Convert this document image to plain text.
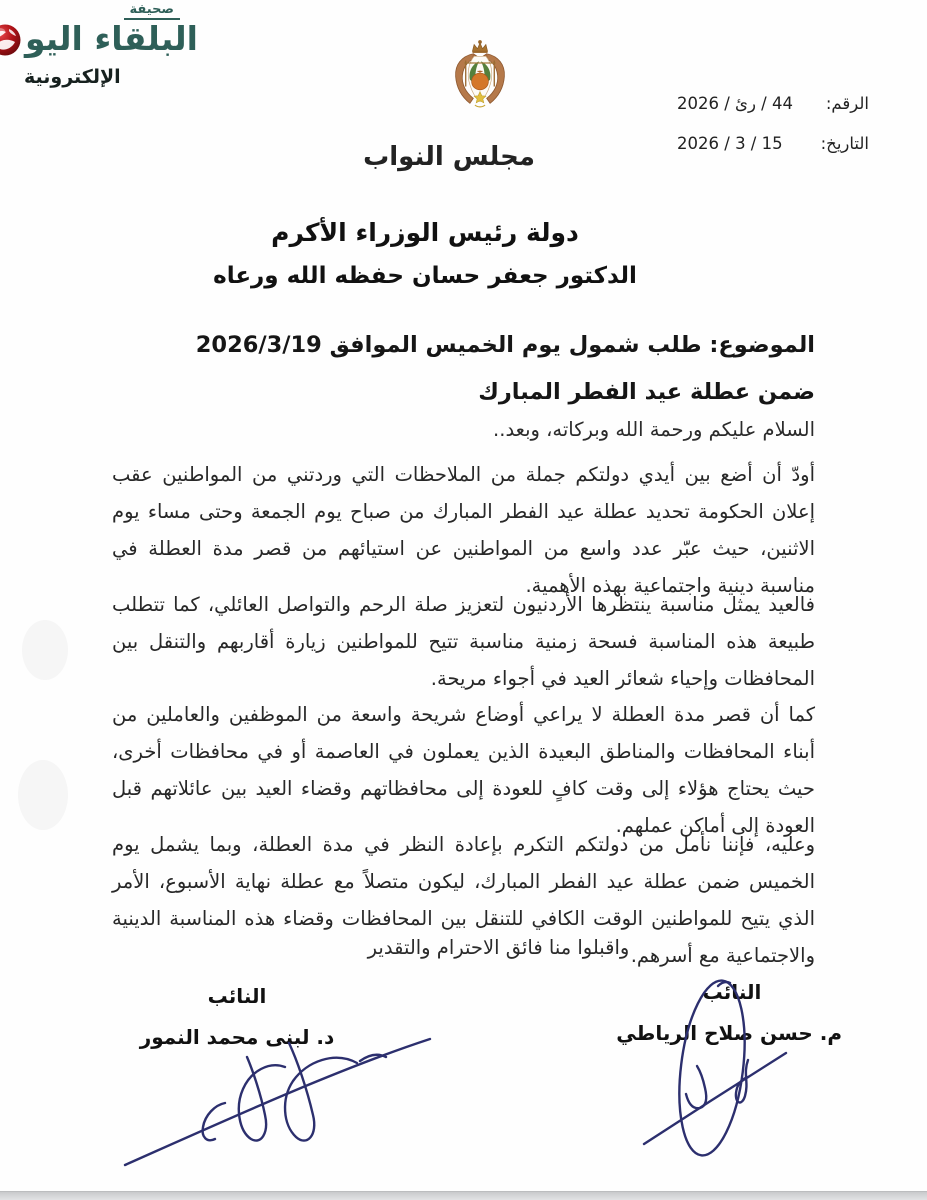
صحيفة
البلقاء اليو
الإلكترونية
مجلس النواب
الرقم:
44 / رئ / 2026
التاريخ:
15 / 3 / 2026
دولة رئيس الوزراء الأكرم
الدكتور جعفر حسان حفظه الله ورعاه
الموضوع: طلب شمول يوم الخميس الموافق 2026/3/19
ضمن عطلة عيد الفطر المبارك
السلام عليكم ورحمة الله وبركاته، وبعد..
أودّ أن أضع بين أيدي دولتكم جملة من الملاحظات التي وردتني من المواطنين عقب إعلان الحكومة تحديد عطلة عيد الفطر المبارك من صباح يوم الجمعة وحتى مساء يوم الاثنين، حيث عبّر عدد واسع من المواطنين عن استيائهم من قصر مدة العطلة في مناسبة دينية واجتماعية بهذه الأهمية.
فالعيد يمثل مناسبة ينتظرها الأردنيون لتعزيز صلة الرحم والتواصل العائلي، كما تتطلب طبيعة هذه المناسبة فسحة زمنية مناسبة تتيح للمواطنين زيارة أقاربهم والتنقل بين المحافظات وإحياء شعائر العيد في أجواء مريحة.
كما أن قصر مدة العطلة لا يراعي أوضاع شريحة واسعة من الموظفين والعاملين من أبناء المحافظات والمناطق البعيدة الذين يعملون في العاصمة أو في محافظات أخرى، حيث يحتاج هؤلاء إلى وقت كافٍ للعودة إلى محافظاتهم وقضاء العيد بين عائلاتهم قبل العودة إلى أماكن عملهم.
وعليه، فإننا نأمل من دولتكم التكرم بإعادة النظر في مدة العطلة، وبما يشمل يوم الخميس ضمن عطلة عيد الفطر المبارك، ليكون متصلاً مع عطلة نهاية الأسبوع، الأمر الذي يتيح للمواطنين الوقت الكافي للتنقل بين المحافظات وقضاء هذه المناسبة الدينية والاجتماعية مع أسرهم.
واقبلوا منا فائق الاحترام والتقدير
النائب
م. حسن صلاح الرياطي
النائب
د. لبنى محمد النمور
